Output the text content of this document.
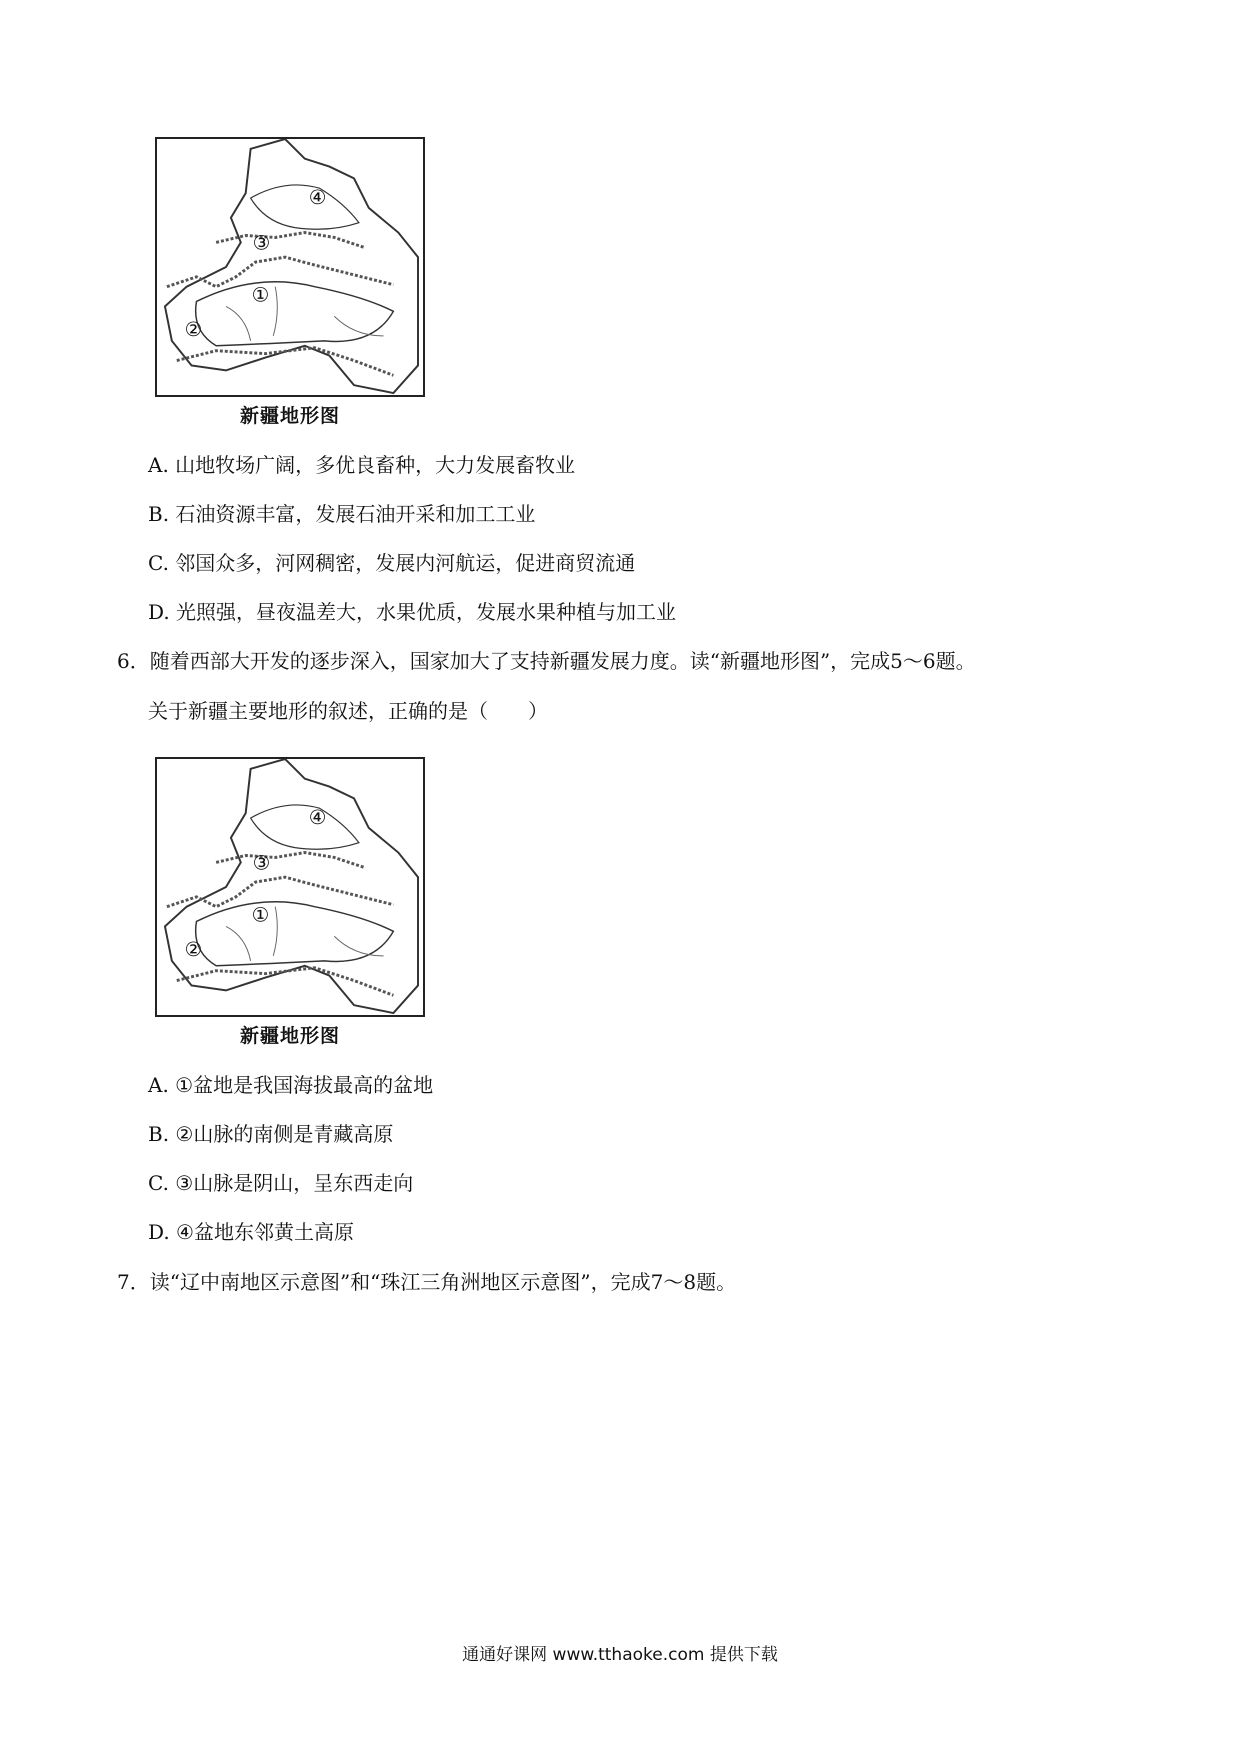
④
③
①
②
新疆地形图
A. 山地牧场广阔，多优良畜种，大力发展畜牧业
B. 石油资源丰富，发展石油开采和加工工业
C. 邻国众多，河网稠密，发展内河航运，促进商贸流通
D. 光照强，昼夜温差大，水果优质，发展水果种植与加工业
6．随着西部大开发的逐步深入，国家加大了支持新疆发展力度。读“新疆地形图”，完成5～6题。
关于新疆主要地形的叙述，正确的是（　　）
④
③
①
②
新疆地形图
A. ①盆地是我国海拔最高的盆地
B. ②山脉的南侧是青藏高原
C. ③山脉是阴山，呈东西走向
D. ④盆地东邻黄土高原
7．读“辽中南地区示意图”和“珠江三角洲地区示意图”，完成7～8题。
通通好课网 www.tthaoke.com 提供下载
